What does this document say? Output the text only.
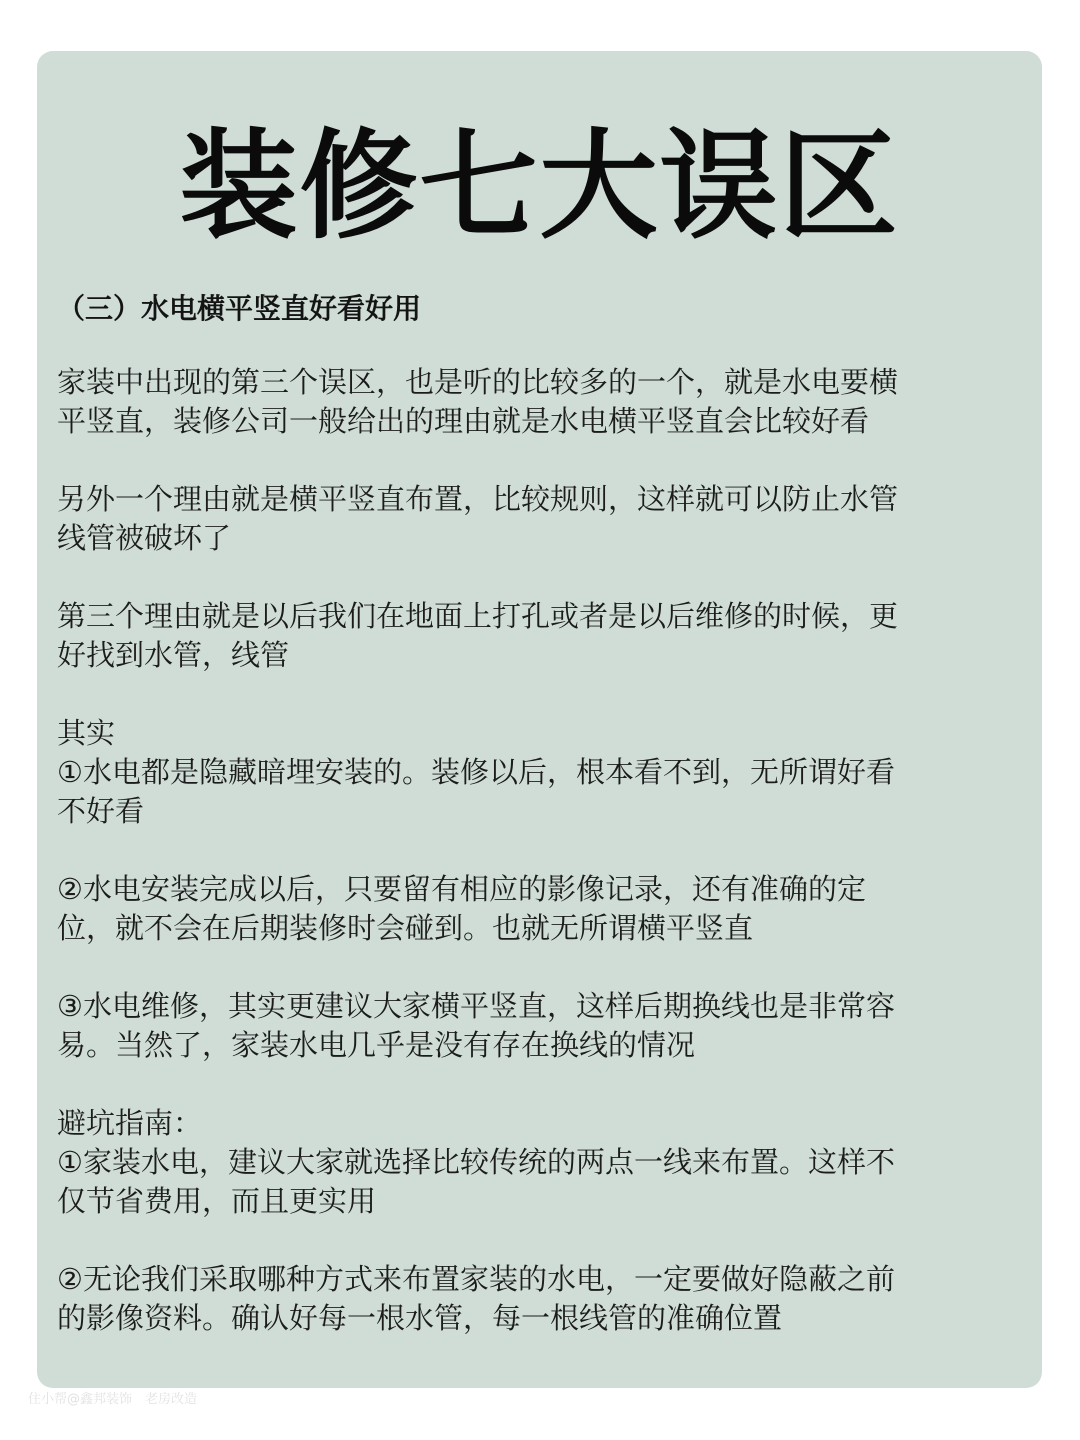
装修七大误区
（三）水电横平竖直好看好用
家装中出现的第三个误区，也是听的比较多的一个，就是水电要横
平竖直，装修公司一般给出的理由就是水电横平竖直会比较好看
另外一个理由就是横平竖直布置，比较规则，这样就可以防止水管
线管被破坏了
第三个理由就是以后我们在地面上打孔或者是以后维修的时候，更
好找到水管，线管
其实
①水电都是隐藏暗埋安装的。装修以后，根本看不到，无所谓好看
不好看
②水电安装完成以后，只要留有相应的影像记录，还有准确的定
位，就不会在后期装修时会碰到。也就无所谓横平竖直
③水电维修，其实更建议大家横平竖直，这样后期换线也是非常容
易。当然了，家装水电几乎是没有存在换线的情况
避坑指南：
①家装水电，建议大家就选择比较传统的两点一线来布置。这样不
仅节省费用，而且更实用
②无论我们采取哪种方式来布置家装的水电，一定要做好隐蔽之前
的影像资料。确认好每一根水管，每一根线管的准确位置
住小帮@鑫邦装饰　老房改造
